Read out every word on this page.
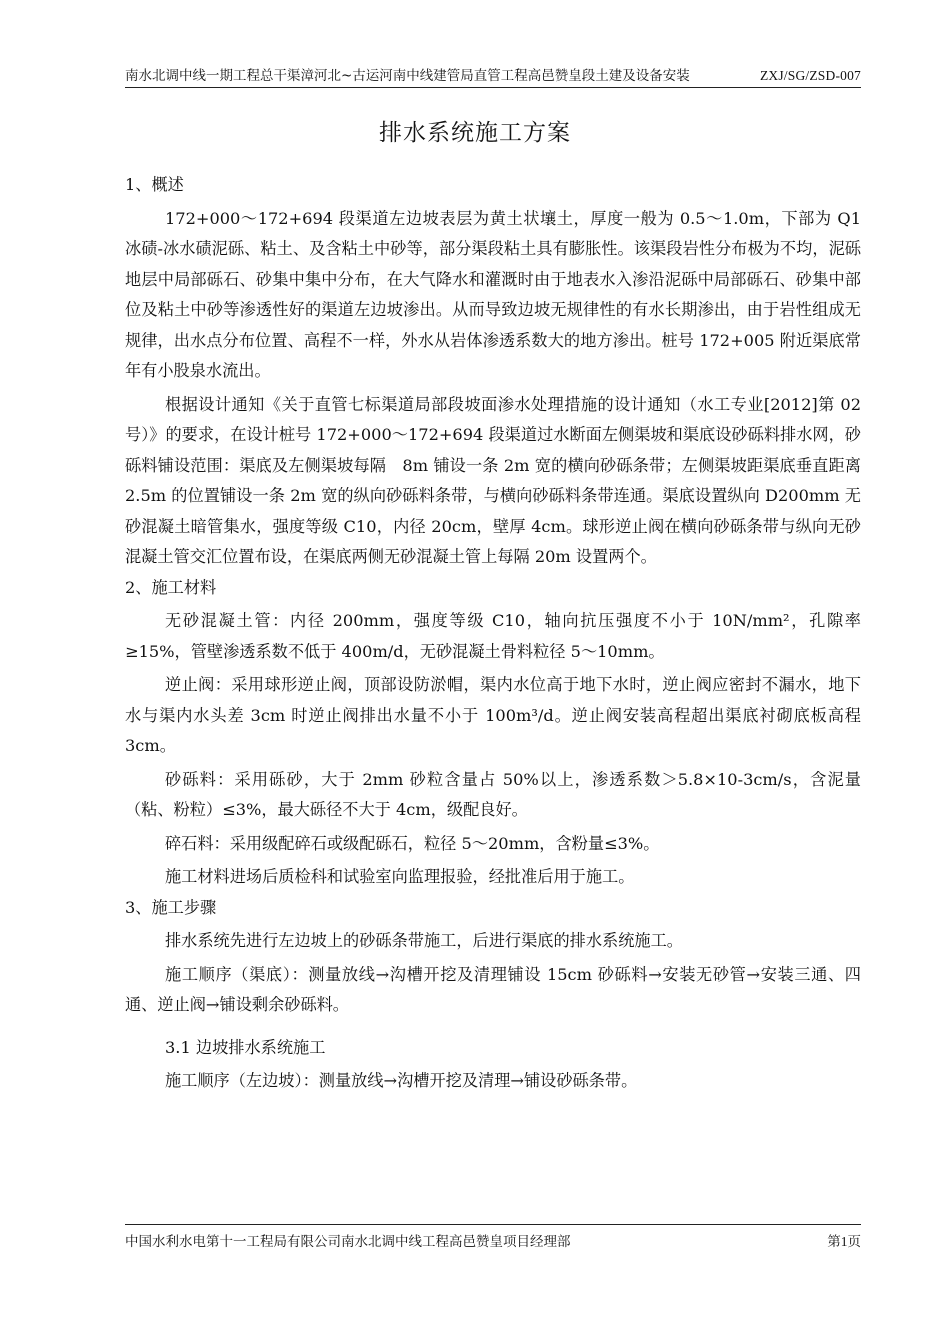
南水北调中线一期工程总干渠漳河北~古运河南中线建管局直管工程高邑赞皇段土建及设备安装	ZXJ/SG/ZSD-007
排水系统施工方案

1、概述

172+000～172+694 段渠道左边坡表层为黄土状壤土，厚度一般为 0.5～1.0m，下部为 Q1 冰碛-冰水碛泥砾、粘土、及含粘土中砂等，部分渠段粘土具有膨胀性。该渠段岩性分布极为不均，泥砾地层中局部砾石、砂集中集中分布，在大气降水和灌溉时由于地表水入渗沿泥砾中局部砾石、砂集中部位及粘土中砂等渗透性好的渠道左边坡渗出。从而导致边坡无规律性的有水长期渗出，由于岩性组成无规律，出水点分布位置、高程不一样，外水从岩体渗透系数大的地方渗出。桩号 172+005 附近渠底常年有小股泉水流出。

根据设计通知《关于直管七标渠道局部段坡面渗水处理措施的设计通知（水工专业[2012]第 02 号）》的要求，在设计桩号 172+000～172+694 段渠道过水断面左侧渠坡和渠底设砂砾料排水网，砂砾料铺设范围：渠底及左侧渠坡每隔　8m 铺设一条 2m 宽的横向砂砾条带；左侧渠坡距渠底垂直距离 2.5m 的位置铺设一条 2m 宽的纵向砂砾料条带，与横向砂砾料条带连通。渠底设置纵向 D200mm 无砂混凝土暗管集水，强度等级 C10，内径 20cm，壁厚 4cm。球形逆止阀在横向砂砾条带与纵向无砂混凝土管交汇位置布设，在渠底两侧无砂混凝土管上每隔 20m 设置两个。

2、施工材料

无砂混凝土管：内径 200mm，强度等级 C10，轴向抗压强度不小于 10N/mm²，孔隙率≥15%，管壁渗透系数不低于 400m/d，无砂混凝土骨料粒径 5～10mm。

逆止阀：采用球形逆止阀，顶部设防淤帽，渠内水位高于地下水时，逆止阀应密封不漏水，地下水与渠内水头差 3cm 时逆止阀排出水量不小于 100m³/d。逆止阀安装高程超出渠底衬砌底板高程 3cm。

砂砾料：采用砾砂，大于 2mm 砂粒含量占 50%以上，渗透系数＞5.8×10-3cm/s，含泥量（粘、粉粒）≤3%，最大砾径不大于 4cm，级配良好。

碎石料：采用级配碎石或级配砾石，粒径 5～20mm，含粉量≤3%。

施工材料进场后质检科和试验室向监理报验，经批准后用于施工。

3、施工步骤

排水系统先进行左边坡上的砂砾条带施工，后进行渠底的排水系统施工。

施工顺序（渠底）：测量放线→沟槽开挖及清理铺设 15cm 砂砾料→安装无砂管→安装三通、四通、逆止阀→铺设剩余砂砾料。

3.1 边坡排水系统施工

施工顺序（左边坡）：测量放线→沟槽开挖及清理→铺设砂砾条带。

中国水利水电第十一工程局有限公司南水北调中线工程高邑赞皇项目经理部	第1页
